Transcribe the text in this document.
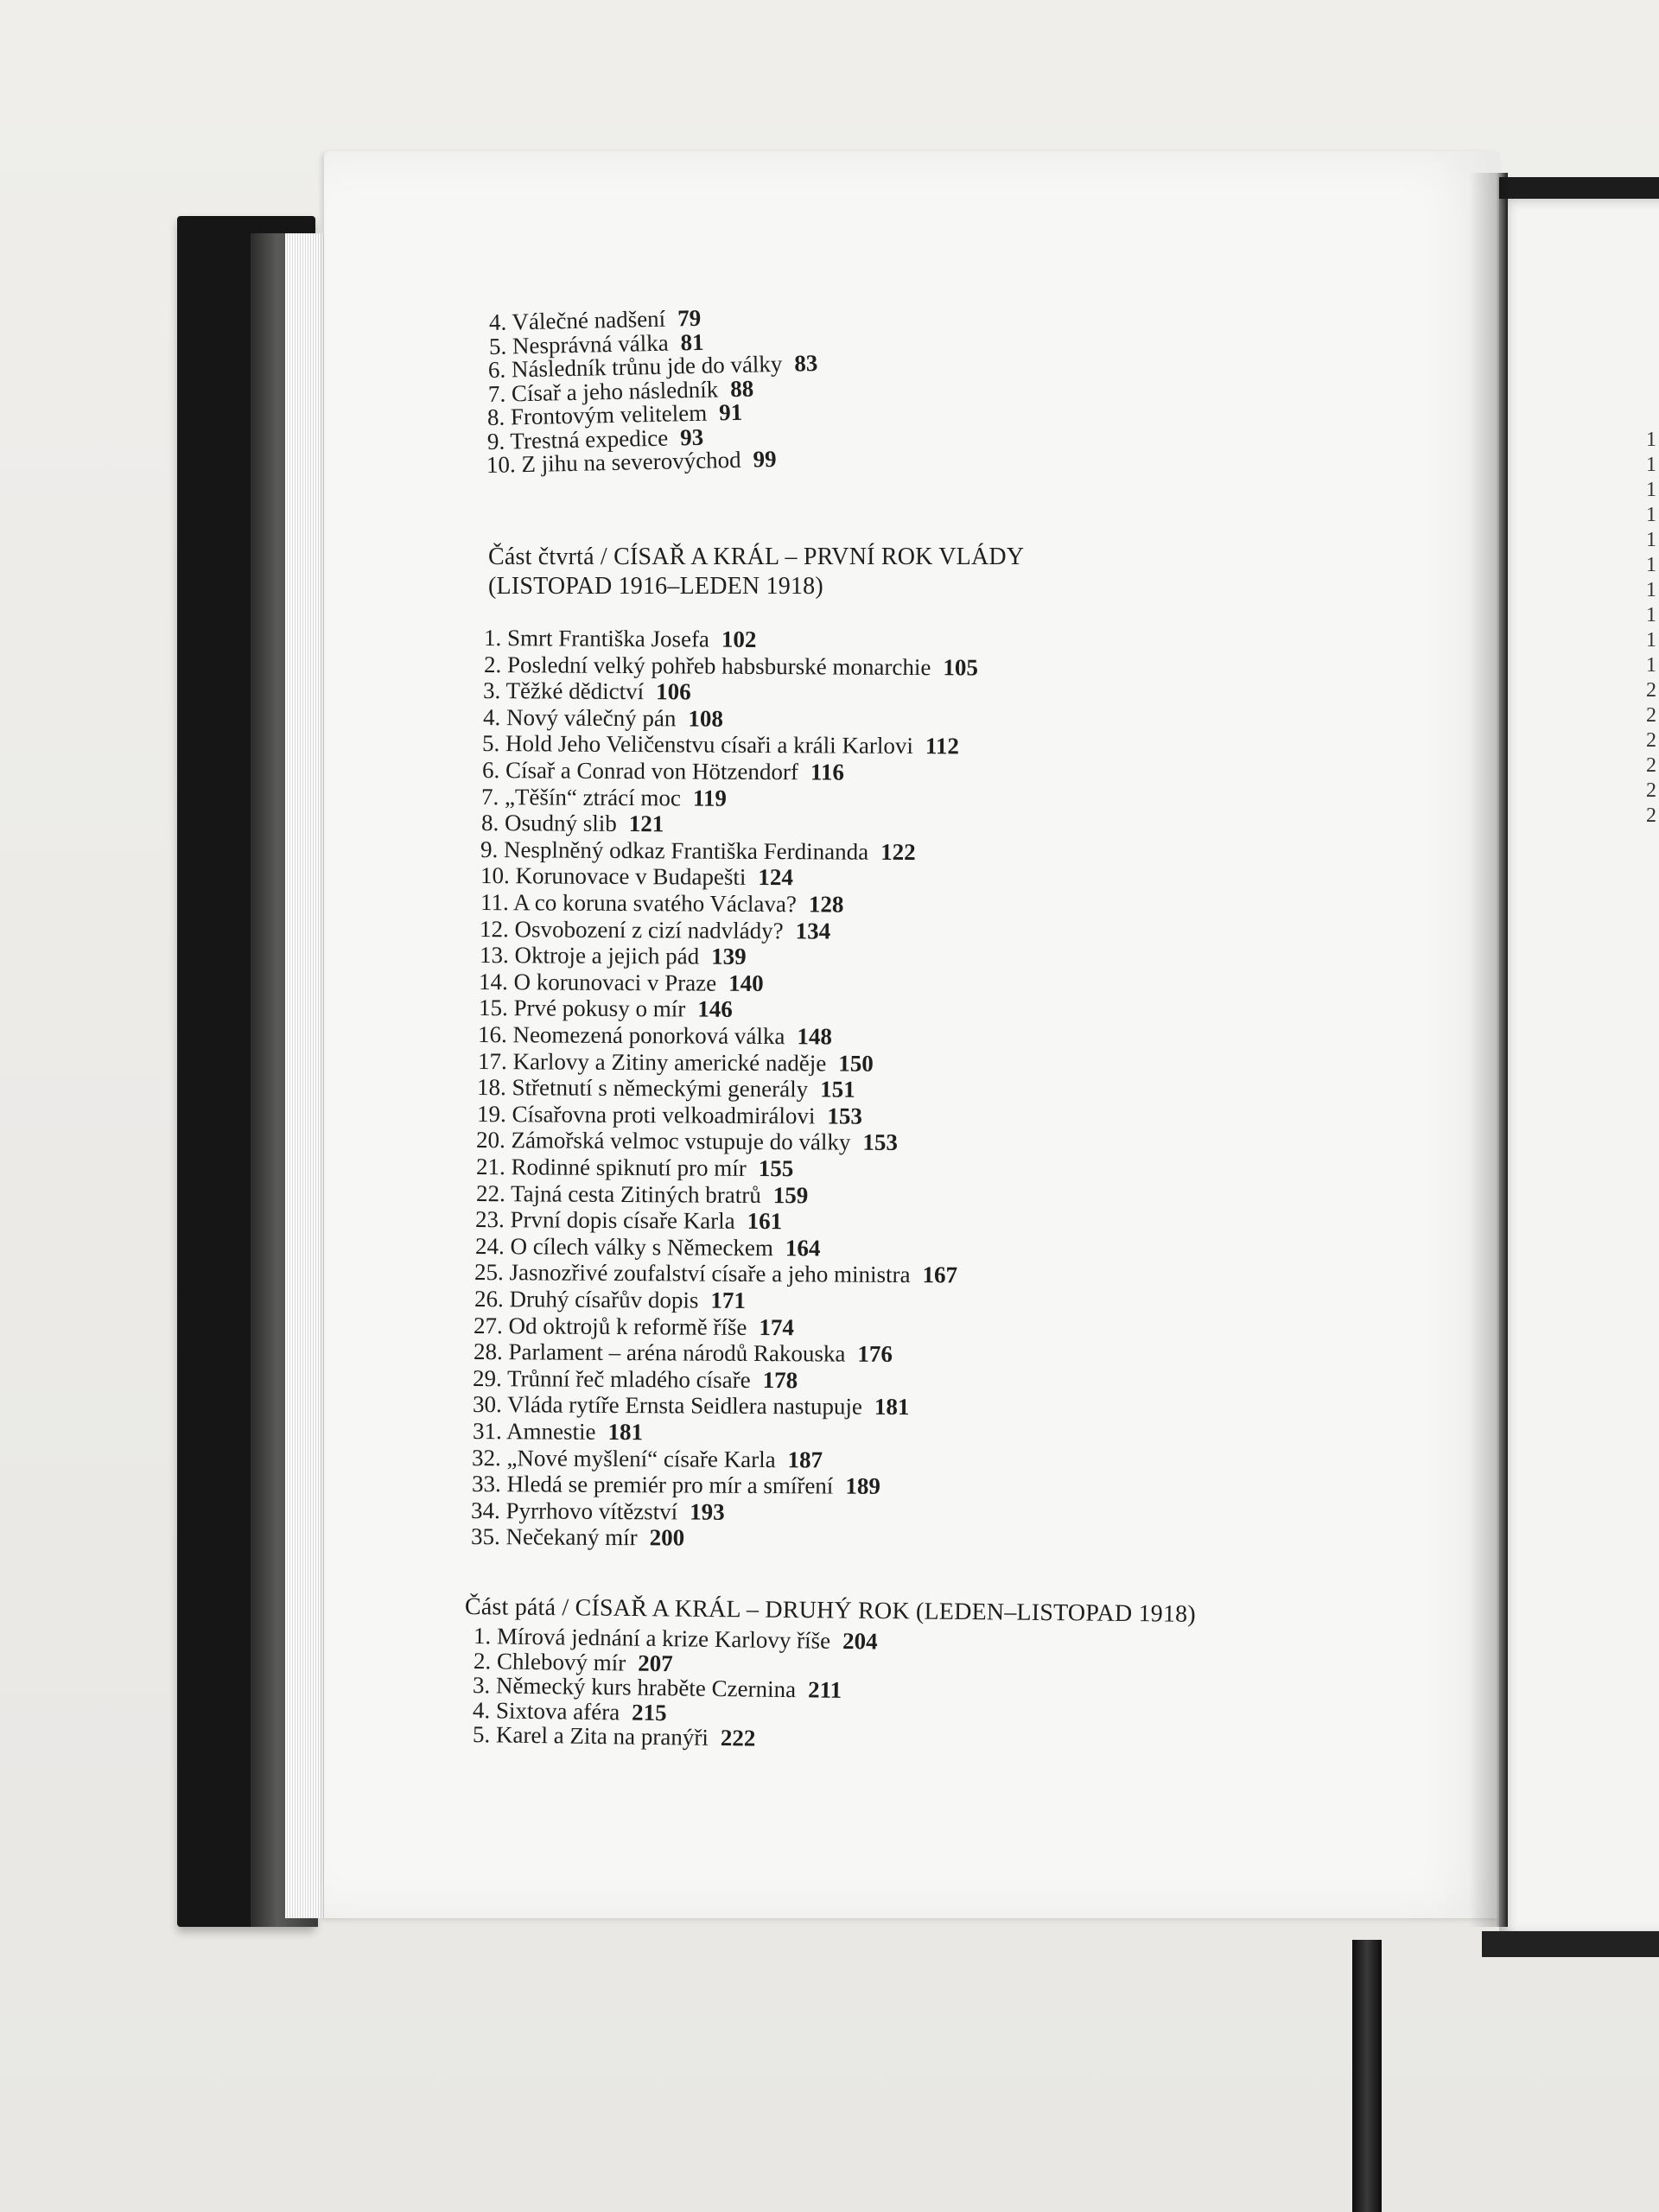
Část čtvrtá / CÍSAŘ A KRÁL – PRVNÍ ROK VLÁDY
(LISTOPAD 1916–LEDEN 1918)
Část pátá / CÍSAŘ A KRÁL – DRUHÝ ROK (LEDEN–LISTOPAD 1918)
4. Válečné nadšení 79
5. Nesprávná válka 81
6. Následník trůnu jde do války 83
7. Císař a jeho následník 88
8. Frontovým velitelem 91
9. Trestná expedice 93
10. Z jihu na severovýchod 99
1. Smrt Františka Josefa 102
2. Poslední velký pohřeb habsburské monarchie 105
3. Těžké dědictví 106
4. Nový válečný pán 108
5. Hold Jeho Veličenstvu císaři a králi Karlovi 112
6. Císař a Conrad von Hötzendorf 116
7. „Těšín“ ztrácí moc 119
8. Osudný slib 121
9. Nesplněný odkaz Františka Ferdinanda 122
10. Korunovace v Budapešti 124
11. A co koruna svatého Václava? 128
12. Osvobození z cizí nadvlády? 134
13. Oktroje a jejich pád 139
14. O korunovaci v Praze 140
15. Prvé pokusy o mír 146
16. Neomezená ponorková válka 148
17. Karlovy a Zitiny americké naděje 150
18. Střetnutí s německými generály 151
19. Císařovna proti velkoadmirálovi 153
20. Zámořská velmoc vstupuje do války 153
21. Rodinné spiknutí pro mír 155
22. Tajná cesta Zitiných bratrů 159
23. První dopis císaře Karla 161
24. O cílech války s Německem 164
25. Jasnozřivé zoufalství císaře a jeho ministra 167
26. Druhý císařův dopis 171
27. Od oktrojů k reformě říše 174
28. Parlament – aréna národů Rakouska 176
29. Trůnní řeč mladého císaře 178
30. Vláda rytíře Ernsta Seidlera nastupuje 181
31. Amnestie 181
32. „Nové myšlení“ císaře Karla 187
33. Hledá se premiér pro mír a smíření 189
34. Pyrrhovo vítězství 193
35. Nečekaný mír 200
1. Mírová jednání a krize Karlovy říše 204
2. Chlebový mír 207
3. Německý kurs hraběte Czernina 211
4. Sixtova aféra 215
5. Karel a Zita na pranýři 222
1
1
1
1
1
1
1
1
1
1
2
2
2
2
2
2
